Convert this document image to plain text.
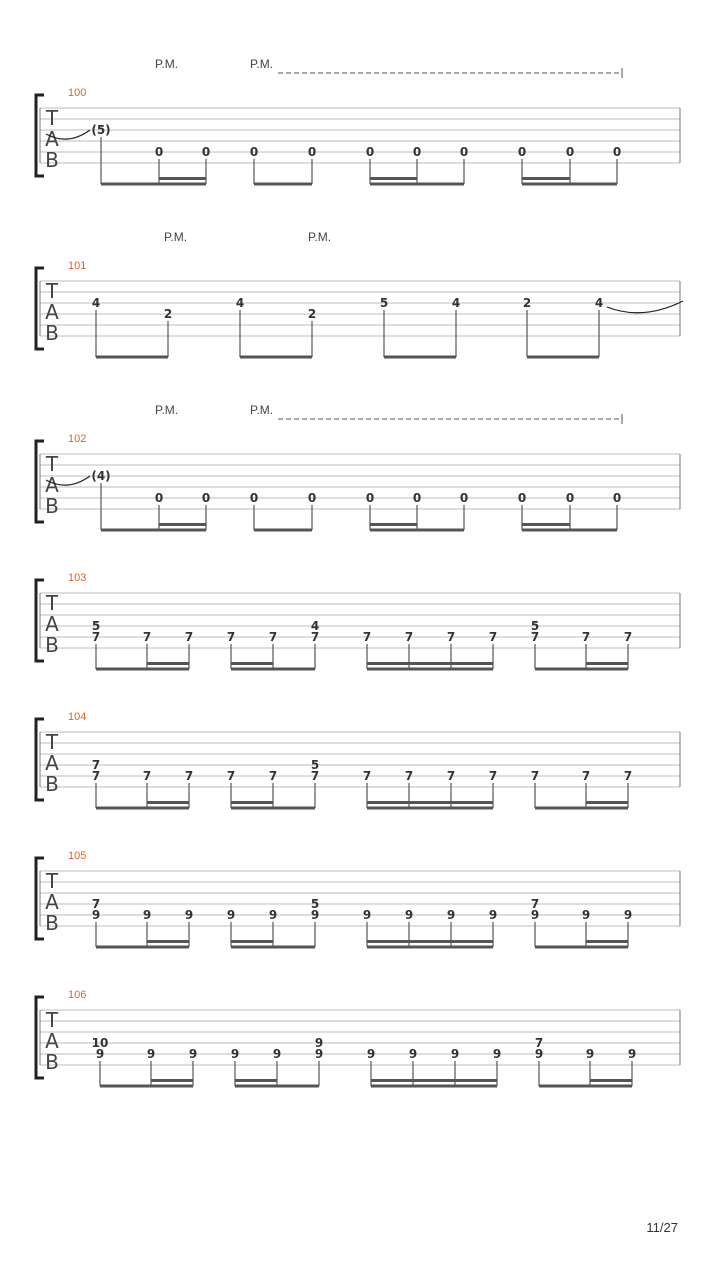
T
A
B
100
P.M.	P.M.
(5)
0	0	0	0	0	0	0	0	0	0
T
A
B
101
P.M.	P.M.
4
2
4
2
5	4	2	4
T
A
B
102
P.M.	P.M.
(4)
0	0	0	0	0	0	0	0	0	0
T
A
B
103
5
7	7	7	7	7
4
7	7	7	7	7
5
7	7	7
T
A
B
104
7
7	7	7	7	7
5
7	7	7	7	7	7	7	7
T
A
B
105
7
9	9	9	9	9
5
9	9	9	9	9
7
9	9	9
T
A
B
106
10
9	9	9	9	9
9
9	9	9	9	9
7
9	9	9
11/27
